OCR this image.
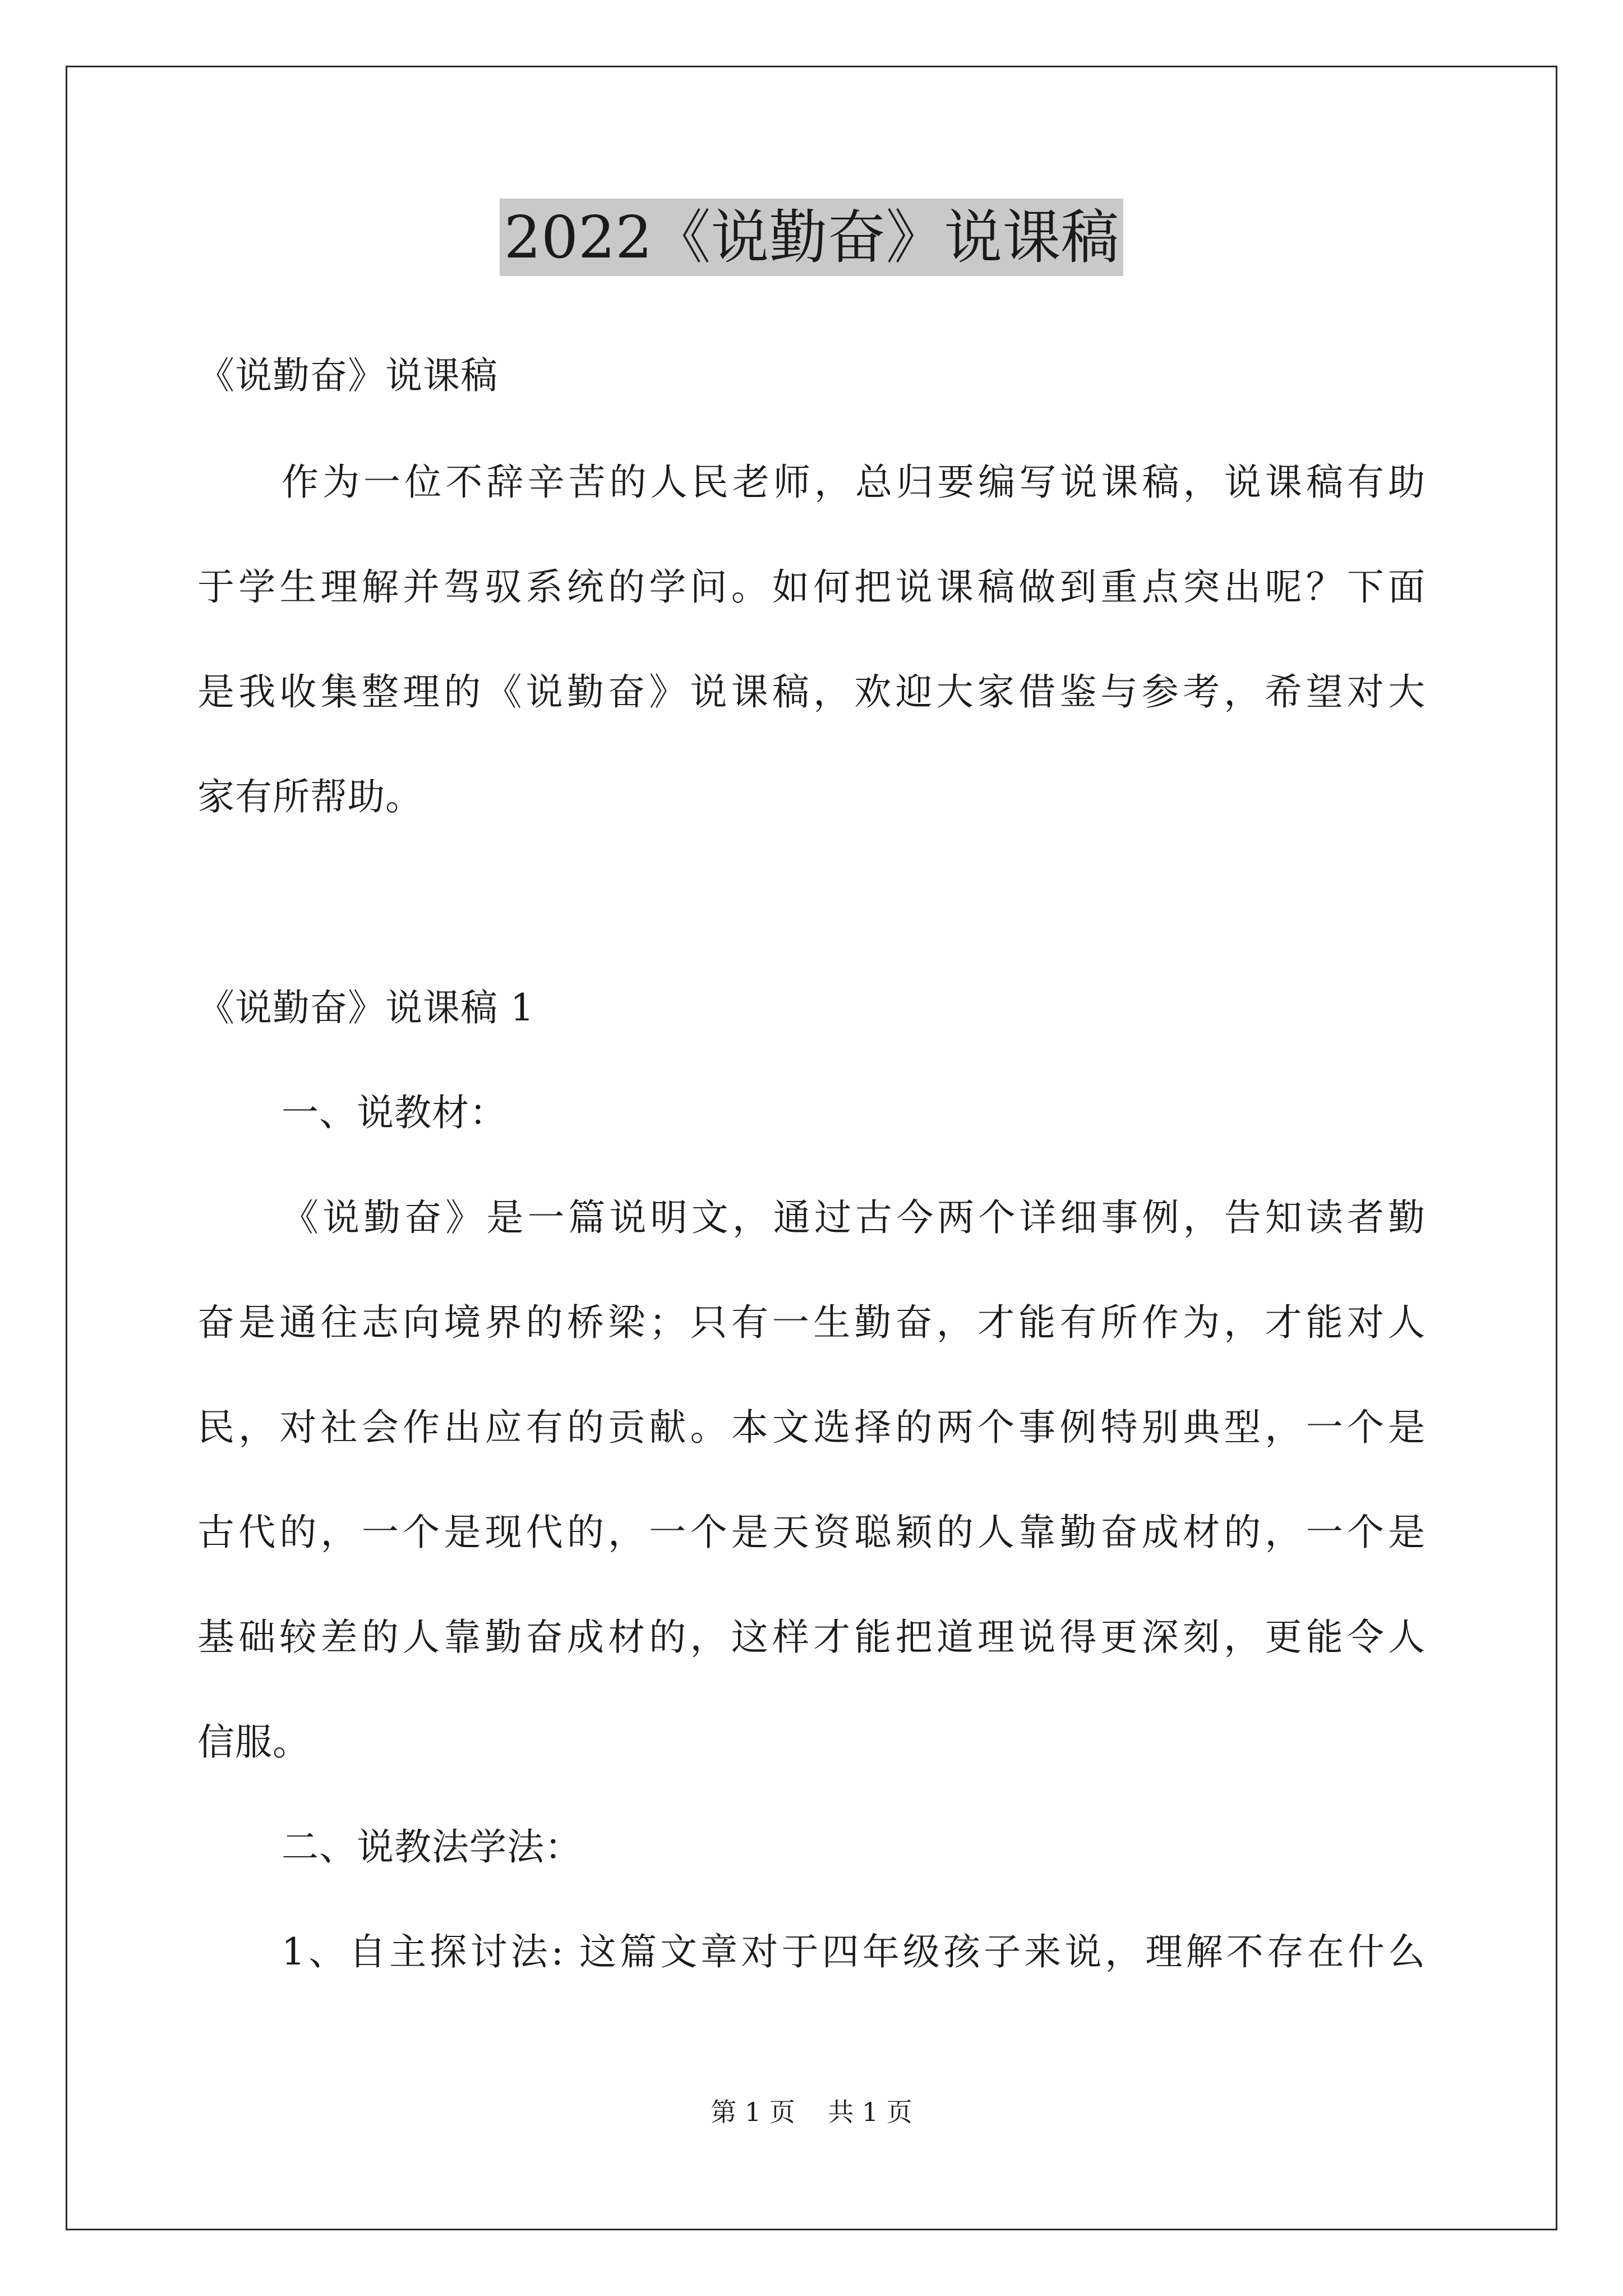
2022《说勤奋》说课稿
《说勤奋》说课稿
作为一位不辞辛苦的人民老师，总归要编写说课稿，说课稿有助
于学生理解并驾驭系统的学问。如何把说课稿做到重点突出呢？下面
是我收集整理的《说勤奋》说课稿，欢迎大家借鉴与参考，希望对大
家有所帮助。
《说勤奋》说课稿 1
一、说教材：
《说勤奋》是一篇说明文，通过古今两个详细事例，告知读者勤
奋是通往志向境界的桥梁；只有一生勤奋，才能有所作为，才能对人
民，对社会作出应有的贡献。本文选择的两个事例特别典型，一个是
古代的，一个是现代的，一个是天资聪颖的人靠勤奋成材的，一个是
基础较差的人靠勤奋成材的，这样才能把道理说得更深刻，更能令人
信服。
二、说教法学法：
1、自主探讨法: 这篇文章对于四年级孩子来说，理解不存在什么
第 1 页    共 1 页
